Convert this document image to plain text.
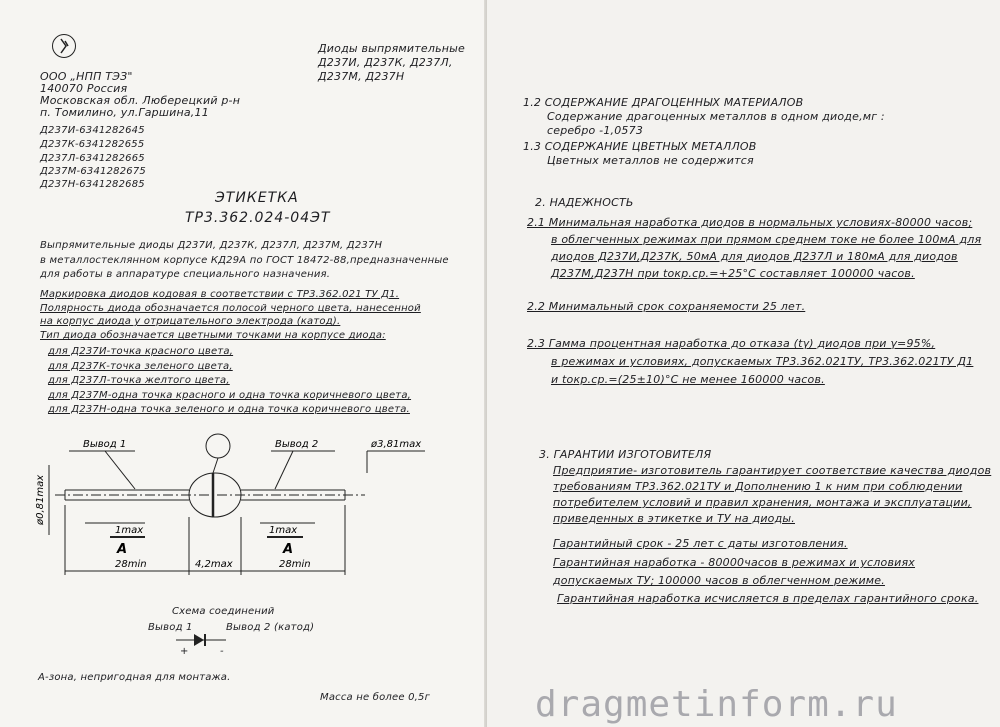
ООО „НПП ТЭЗ"
140070 Россия
Московская обл. Люберецкий р-н
п. Томилино, ул.Гаршина,11
Диоды выпрямительные
Д237И, Д237К, Д237Л,
Д237М, Д237Н
Д237И-6341282645
Д237К-6341282655
Д237Л-6341282665
Д237М-6341282675
Д237Н-6341282685
ЭТИКЕТКА
ТР3.362.024-04ЭТ
Выпрямительные диоды Д237И, Д237К, Д237Л, Д237М, Д237Н
в металлостеклянном корпусе КД29А по ГОСТ 18472-88,предназначенные
для работы в аппаратуре специального назначения.
Маркировка диодов кодовая в соответствии с ТР3.362.021 ТУ Д1.
Полярность диода обозначается полосой черного цвета, нанесенной
на корпус диода у отрицательного электрода (катод).
Тип диода обозначается цветными точками на корпусе диода:
для Д237И-точка красного цвета,
для Д237К-точка зеленого цвета,
для Д237Л-точка желтого цвета,
для Д237М-одна точка красного и одна точка коричневого цвета,
для Д237Н-одна точка зеленого и одна точка коричневого цвета.
Вывод 1	Вывод 2	ø3,81max
ø0,81max
1max	1max
А	А
28min	4,2max	28min
Схема соединений
Вывод 1	Вывод 2 (катод)
+	-
А-зона, непригодная для монтажа.
Масса не более 0,5г
1.2 СОДЕРЖАНИЕ ДРАГОЦЕННЫХ МАТЕРИАЛОВ
Содержание драгоценных металлов в одном диоде,мг :
серебро -1,0573
1.3 СОДЕРЖАНИЕ ЦВЕТНЫХ МЕТАЛЛОВ
Цветных металлов не содержится
2. НАДЕЖНОСТЬ
2.1 Минимальная наработка диодов в нормальных условиях-80000 часов;
в облегченных режимах при прямом среднем токе не более 100мА для
диодов Д237И,Д237К, 50мА для диодов Д237Л и 180мА для диодов
Д237М,Д237Н при tокр.ср.=+25°С составляет 100000 часов.
2.2 Минимальный срок сохраняемости 25 лет.
2.3 Гамма процентная наработка до отказа (tγ) диодов при γ=95%,
в режимах и условиях, допускаемых ТР3.362.021ТУ, ТР3.362.021ТУ Д1
и tокр.ср.=(25±10)°С не менее 160000 часов.
3. ГАРАНТИИ ИЗГОТОВИТЕЛЯ
Предприятие- изготовитель гарантирует соответствие качества диодов
требованиям ТР3.362.021ТУ и Дополнению 1 к ним при соблюдении
потребителем условий и правил хранения, монтажа и эксплуатации,
приведенных в этикетке и ТУ на диоды.
Гарантийный срок - 25 лет с даты изготовления.
Гарантийная наработка - 80000часов в режимах и условиях
допускаемых ТУ; 100000 часов в облегченном режиме.
Гарантийная наработка исчисляется в пределах гарантийного срока.
dragmetinform.ru
